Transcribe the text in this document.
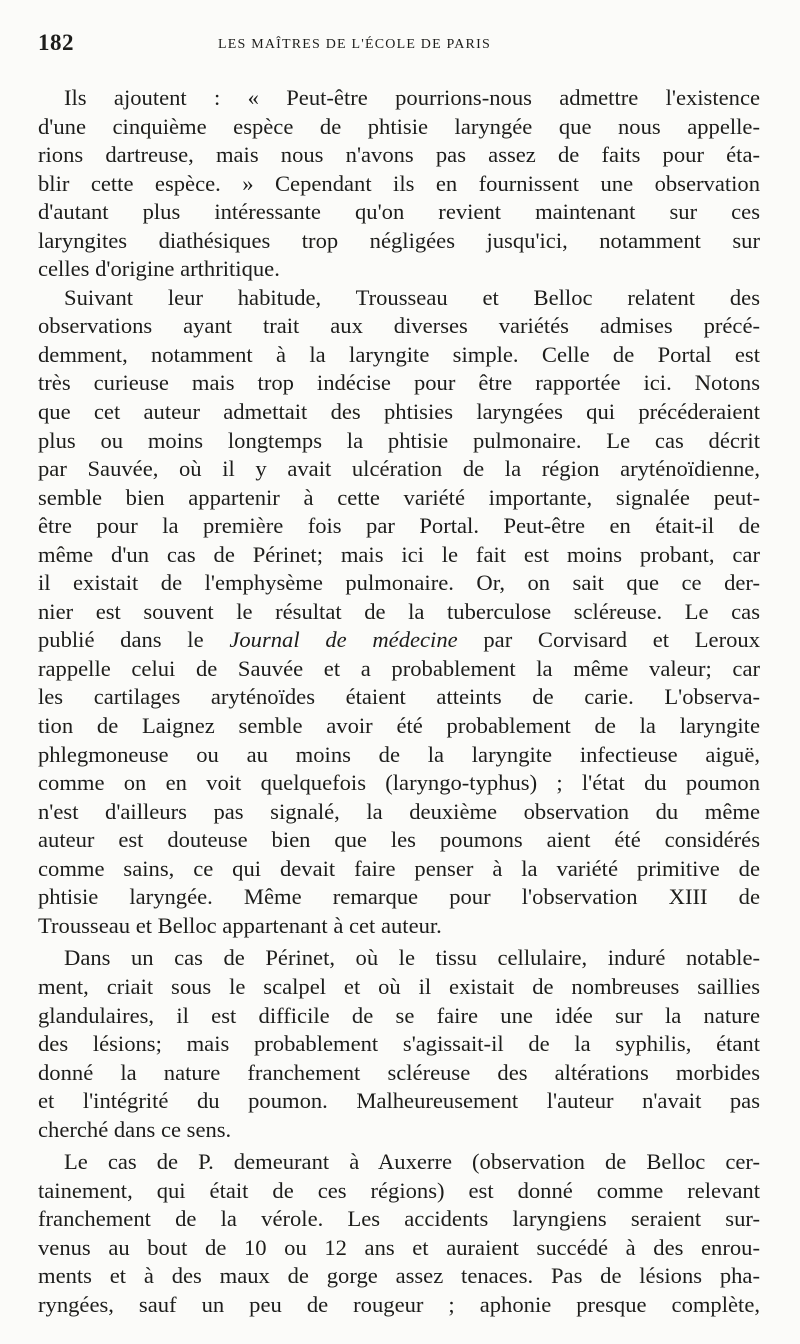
182	LES MAÎTRES DE L'ÉCOLE DE PARIS
Ils ajoutent : « Peut-être pourrions-nous admettre l'existence
d'une cinquième espèce de phtisie laryngée que nous appelle-
rions dartreuse, mais nous n'avons pas assez de faits pour éta-
blir cette espèce. » Cependant ils en fournissent une observation
d'autant plus intéressante qu'on revient maintenant sur ces
laryngites diathésiques trop négligées jusqu'ici, notamment sur
celles d'origine arthritique.
Suivant leur habitude, Trousseau et Belloc relatent des
observations ayant trait aux diverses variétés admises précé-
demment, notamment à la laryngite simple. Celle de Portal est
très curieuse mais trop indécise pour être rapportée ici. Notons
que cet auteur admettait des phtisies laryngées qui précéderaient
plus ou moins longtemps la phtisie pulmonaire. Le cas décrit
par Sauvée, où il y avait ulcération de la région aryténoïdienne,
semble bien appartenir à cette variété importante, signalée peut-
être pour la première fois par Portal. Peut-être en était-il de
même d'un cas de Périnet; mais ici le fait est moins probant, car
il existait de l'emphysème pulmonaire. Or, on sait que ce der-
nier est souvent le résultat de la tuberculose scléreuse. Le cas
publié dans le Journal de médecine par Corvisard et Leroux
rappelle celui de Sauvée et a probablement la même valeur; car
les cartilages aryténoïdes étaient atteints de carie. L'observa-
tion de Laignez semble avoir été probablement de la laryngite
phlegmoneuse ou au moins de la laryngite infectieuse aiguë,
comme on en voit quelquefois (laryngo-typhus) ; l'état du poumon
n'est d'ailleurs pas signalé, la deuxième observation du même
auteur est douteuse bien que les poumons aient été considérés
comme sains, ce qui devait faire penser à la variété primitive de
phtisie laryngée. Même remarque pour l'observation XIII de
Trousseau et Belloc appartenant à cet auteur.
Dans un cas de Périnet, où le tissu cellulaire, induré notable-
ment, criait sous le scalpel et où il existait de nombreuses saillies
glandulaires, il est difficile de se faire une idée sur la nature
des lésions; mais probablement s'agissait-il de la syphilis, étant
donné la nature franchement scléreuse des altérations morbides
et l'intégrité du poumon. Malheureusement l'auteur n'avait pas
cherché dans ce sens.
Le cas de P. demeurant à Auxerre (observation de Belloc cer-
tainement, qui était de ces régions) est donné comme relevant
franchement de la vérole. Les accidents laryngiens seraient sur-
venus au bout de 10 ou 12 ans et auraient succédé à des enrou-
ments et à des maux de gorge assez tenaces. Pas de lésions pha-
ryngées, sauf un peu de rougeur ; aphonie presque complète,
